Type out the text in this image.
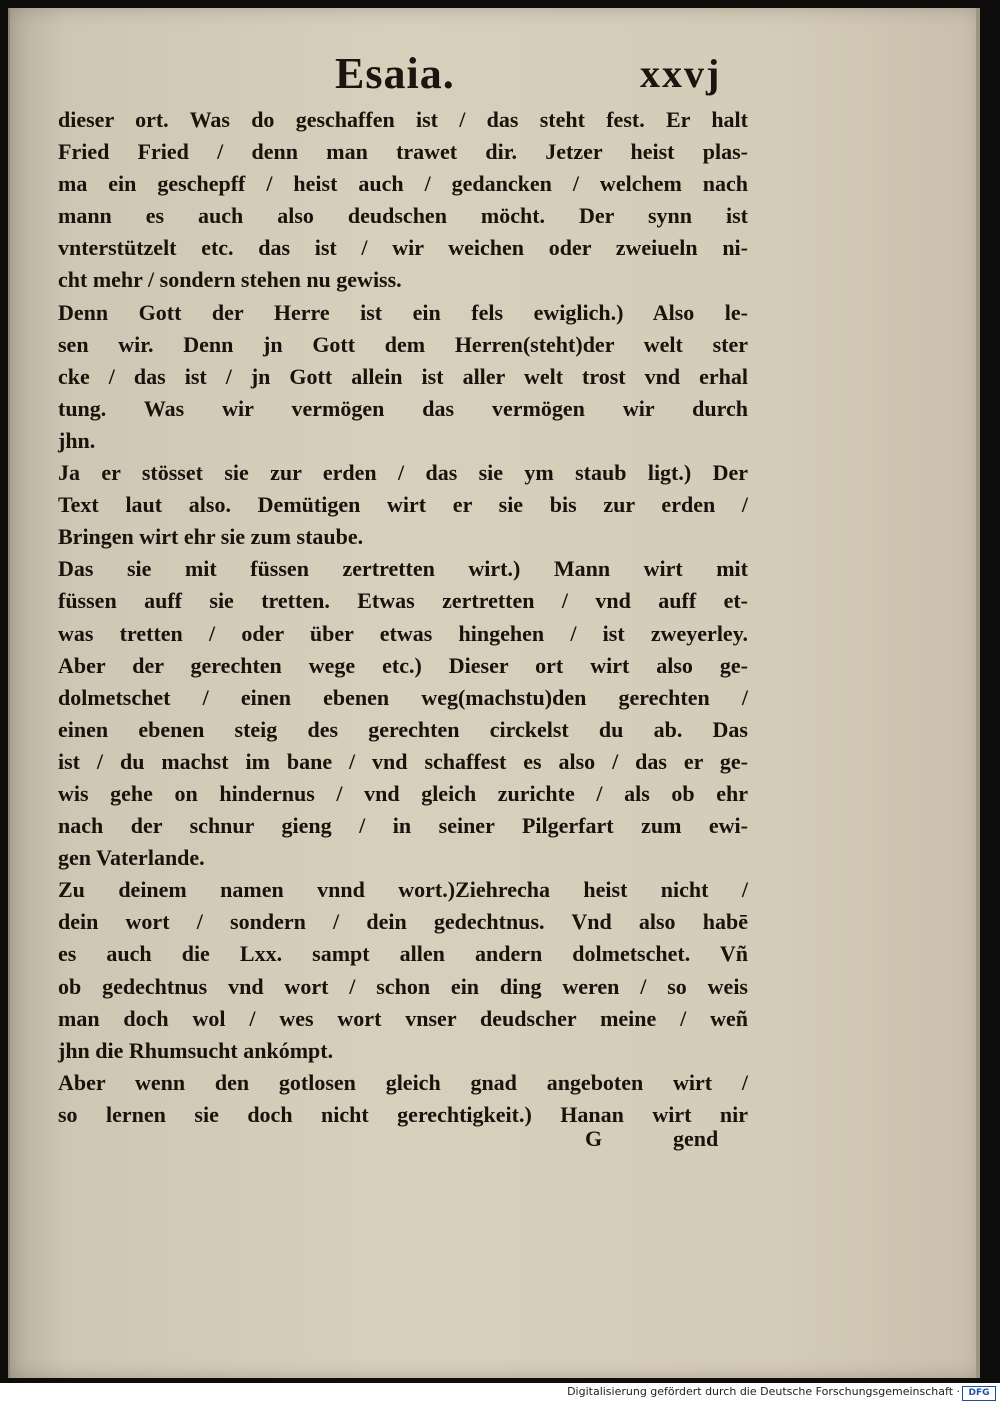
Esaia.	xxvj
dieser ort. Was do geschaffen ist / das steht fest. Er halt
Fried Fried / denn man trawet dir. Jetzer heist plas-
ma ein geschepff / heist auch / gedancken / welchem nach
mann es auch also deudschen möcht. Der synn ist
vnterstützelt etc. das ist / wir weichen oder zweiueln ni-
cht mehr / sondern stehen nu gewiss.
Denn Gott der Herre ist ein fels ewiglich.) Also le-
sen wir. Denn jn Gott dem Herren(steht)der welt ster
cke / das ist / jn Gott allein ist aller welt trost vnd erhal
tung. Was wir vermögen das vermögen wir durch
jhn.
Ja er stösset sie zur erden / das sie ym staub ligt.) Der
Text laut also. Demütigen wirt er sie bis zur erden /
Bringen wirt ehr sie zum staube.
Das sie mit füssen zertretten wirt.) Mann wirt mit
füssen auff sie tretten. Etwas zertretten / vnd auff et-
was tretten / oder über etwas hingehen / ist zweyerley.
Aber der gerechten wege etc.) Dieser ort wirt also ge-
dolmetschet / einen ebenen weg(machstu)den gerechten /
einen ebenen steig des gerechten circkelst du ab. Das
ist / du machst im bane / vnd schaffest es also / das er ge-
wis gehe on hindernus / vnd gleich zurichte / als ob ehr
nach der schnur gieng / in seiner Pilgerfart zum ewi-
gen Vaterlande.
Zu deinem namen vnnd wort.)Ziehrecha heist nicht /
dein wort / sondern / dein gedechtnus. Vnd also habē
es auch die Lxx. sampt allen andern dolmetschet. Vñ
ob gedechtnus vnd wort / schon ein ding weren / so weis
man doch wol / wes wort vnser deudscher meine / weñ
jhn die Rhumsucht ankómpt.
Aber wenn den gotlosen gleich gnad angeboten wirt /
so lernen sie doch nicht gerechtigkeit.) Hanan wirt nir
G	gend
Digitalisierung gefördert durch die Deutsche Forschungsgemeinschaft · DFG
